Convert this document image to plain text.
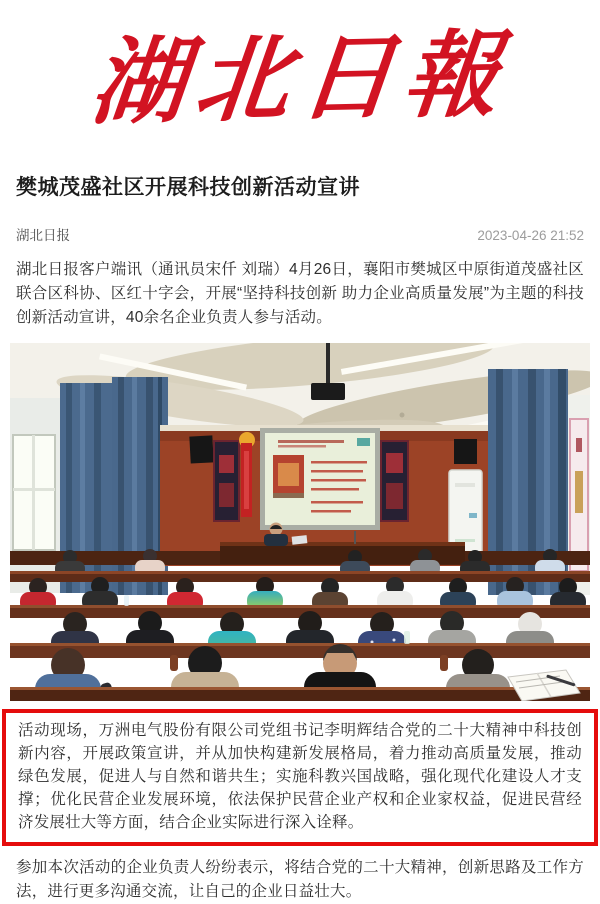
湖北日報
樊城茂盛社区开展科技创新活动宣讲
湖北日报	2023-04-26 21:52

湖北日报客户端讯（通讯员宋仟 刘瑞）4月26日，襄阳市樊城区中原街道茂盛社区联合区科协、区红十字会，开展“坚持科技创新 助力企业高质量发展”为主题的科技创新活动宣讲，40余名企业负责人参与活动。

活动现场，万洲电气股份有限公司党组书记李明辉结合党的二十大精神中科技创新内容，开展政策宣讲，并从加快构建新发展格局，着力推动高质量发展，推动绿色发展，促进人与自然和谐共生；实施科教兴国战略，强化现代化建设人才支撑；优化民营企业发展环境，依法保护民营企业产权和企业家权益，促进民营经济发展壮大等方面，结合企业实际进行深入诠释。

参加本次活动的企业负责人纷纷表示，将结合党的二十大精神，创新思路及工作方法，进行更多沟通交流，让自己的企业日益壮大。
